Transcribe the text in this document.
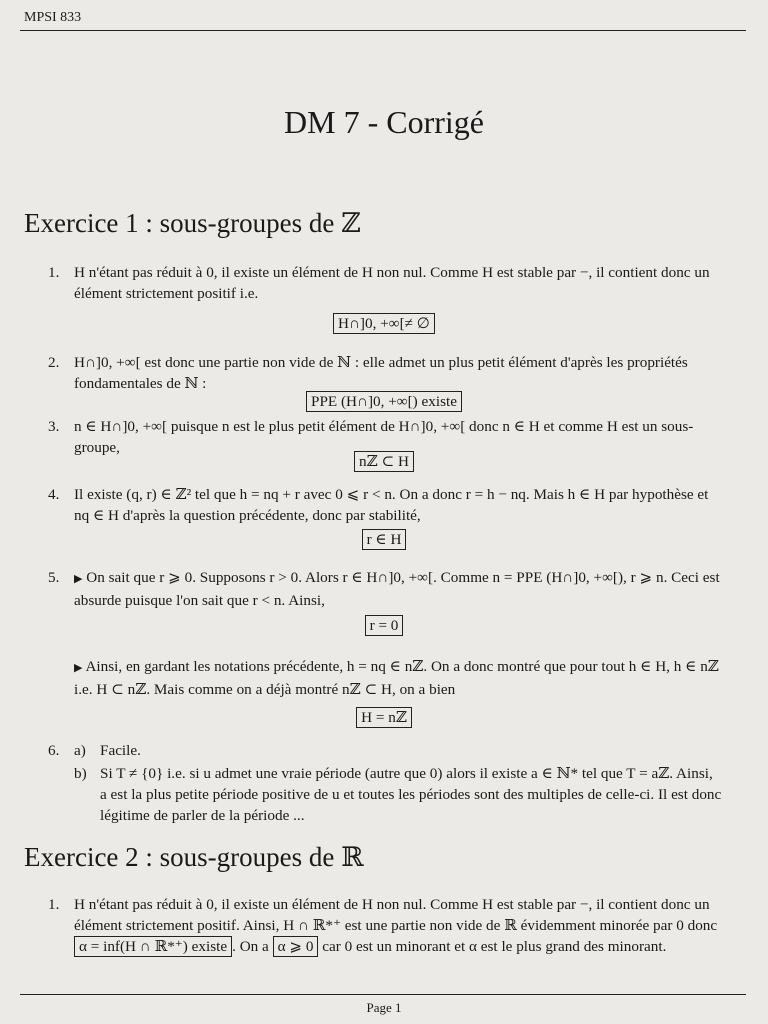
MPSI 833
DM 7 - Corrigé
Exercice 1 : sous-groupes de ℤ
1. H n'étant pas réduit à 0, il existe un élément de H non nul. Comme H est stable par −, il contient donc un élément strictement positif i.e.
H∩]0, +∞[≠ ∅
2. H∩]0, +∞[ est donc une partie non vide de ℕ : elle admet un plus petit élément d'après les propriétés fondamentales de ℕ :
PPE (H∩]0, +∞[) existe
3. n ∈ H∩]0, +∞[ puisque n est le plus petit élément de H∩]0, +∞[ donc n ∈ H et comme H est un sous-groupe,
nℤ ⊂ H
4. Il existe (q, r) ∈ ℤ² tel que h = nq + r avec 0 ⩽ r < n. On a donc r = h − nq. Mais h ∈ H par hypothèse et nq ∈ H d'après la question précédente, donc par stabilité,
r ∈ H
5. ▶ On sait que r ⩾ 0. Supposons r > 0. Alors r ∈ H∩]0, +∞[. Comme n = PPE (H∩]0, +∞[), r ⩾ n. Ceci est absurde puisque l'on sait que r < n. Ainsi,
r = 0
▶ Ainsi, en gardant les notations précédente, h = nq ∈ nℤ. On a donc montré que pour tout h ∈ H, h ∈ nℤ i.e. H ⊂ nℤ. Mais comme on a déjà montré nℤ ⊂ H, on a bien
H = nℤ
6. a) Facile.
b) Si T ≠ {0} i.e. si u admet une vraie période (autre que 0) alors il existe a ∈ ℕ* tel que T = aℤ. Ainsi, a est la plus petite période positive de u et toutes les périodes sont des multiples de celle-ci. Il est donc légitime de parler de la période ...
Exercice 2 : sous-groupes de ℝ
1. H n'étant pas réduit à 0, il existe un élément de H non nul. Comme H est stable par −, il contient donc un élément strictement positif. Ainsi, H ∩ ℝ*⁺ est une partie non vide de ℝ évidemment minorée par 0 donc α = inf(H ∩ ℝ*⁺) existe . On a α ⩾ 0 car 0 est un minorant et α est le plus grand des minorant.
Page 1
